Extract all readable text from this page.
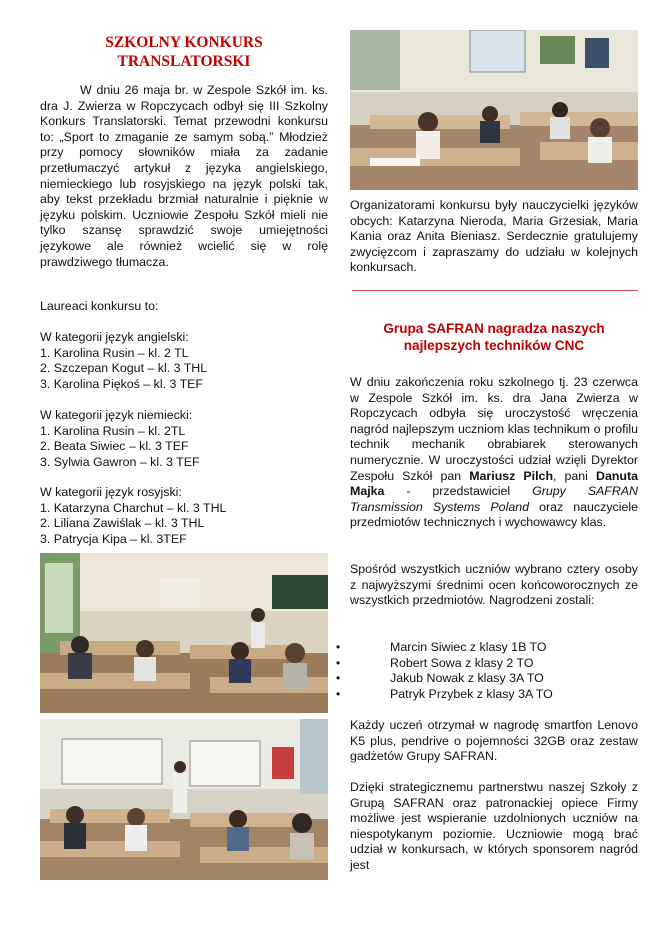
SZKOLNY KONKURS
TRANSLATORSKI

W dniu 26 maja br. w Zespole Szkół im. ks. dra J. Zwierza w Ropczycach odbył się III Szkolny Konkurs Translatorski. Temat przewodni konkursu to: „Sport to zmaganie ze samym sobą.” Młodzież przy pomocy słowników miała za zadanie przetłumaczyć artykuł z języka angielskiego, niemieckiego lub rosyjskiego na język polski tak, aby tekst przekładu brzmiał naturalnie i pięknie w języku polskim. Uczniowie Zespołu Szkół mieli nie tylko szansę sprawdzić swoje umiejętności językowe ale również wcielić się w rolę prawdziwego tłumacza.

Laureaci konkursu to:

W kategorii język angielski:

1. Karolina Rusin – kl. 2 TL

2. Szczepan Kogut – kl. 3 THL

3. Karolina Piękoś – kl. 3 TEF

W kategorii język niemiecki:

1. Karolina Rusin – kl. 2TL

2. Beata Siwiec – kl. 3 TEF

3. Sylwia Gawron – kl. 3 TEF

W kategorii język rosyjski:

1. Katarzyna Charchut – kl. 3 THL

2. Liliana Zawiślak – kl. 3 THL

3. Patrycja Kipa – kl. 3TEF

Organizatorami konkursu były nauczycielki języków obcych: Katarzyna Nieroda, Maria Grzesiak, Maria Kania oraz Anita Bieniasz. Serdecznie gratulujemy zwycięzcom i zapraszamy do udziału w kolejnych konkursach.

Grupa SAFRAN nagradza naszych
najlepszych techników CNC

W dniu zakończenia roku szkolnego tj. 23 czerwca w Zespole Szkół im. ks. dra Jana Zwierza w Ropczycach odbyła się uroczystość wręczenia nagród najlepszym uczniom klas technikum o profilu technik mechanik obrabiarek sterowanych numerycznie. W uroczystości udział wzięli Dyrektor Zespołu Szkół pan Mariusz Pilch, pani Danuta Majka - przedstawiciel Grupy SAFRAN Transmission Systems Poland oraz nauczyciele przedmiotów technicznych i wychowawcy klas.

Spośród wszystkich uczniów wybrano cztery osoby z najwyższymi średnimi ocen końcoworocznych ze wszystkich przedmiotów. Nagrodzeni zostali:

• Marcin Siwiec z klasy 1B TO
• Robert Sowa z klasy 2 TO
• Jakub Nowak z klasy 3A TO
• Patryk Przybek z klasy 3A TO

Każdy uczeń otrzymał w nagrodę smartfon Lenovo K5 plus, pendrive o pojemności 32GB oraz zestaw gadżetów Grupy SAFRAN.

Dzięki strategicznemu partnerstwu naszej Szkoły z Grupą SAFRAN oraz patronackiej opiece Firmy możliwe jest wspieranie uzdolnionych uczniów na niespotykanym poziomie. Uczniowie mogą brać udział w konkursach, w których sponsorem nagród jest
